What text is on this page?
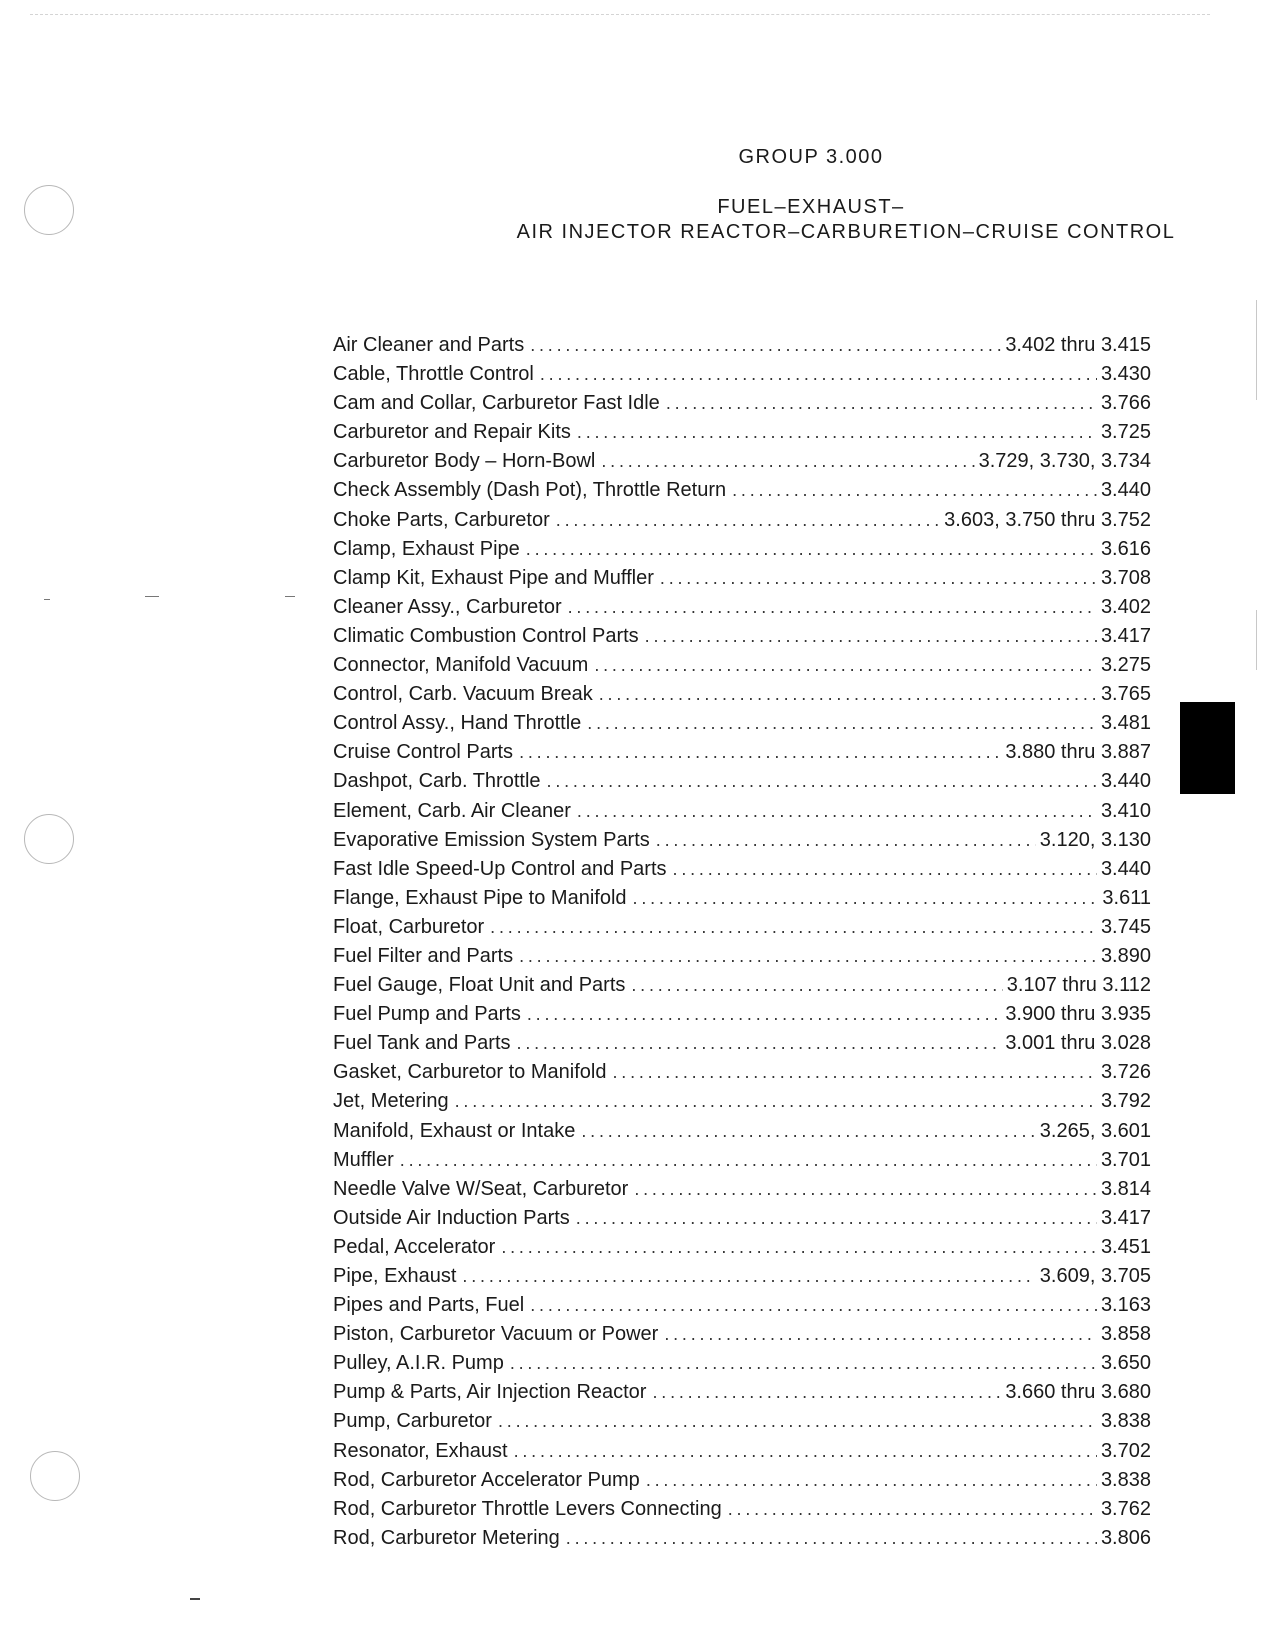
GROUP 3.000
FUEL–EXHAUST–
AIR INJECTOR REACTOR–CARBURETION–CRUISE CONTROL
Air Cleaner and Parts . . .	3.402 thru 3.415
Cable, Throttle Control . . .	3.430
Cam and Collar, Carburetor Fast Idle . . .	3.766
Carburetor and Repair Kits . . .	3.725
Carburetor Body – Horn-Bowl . . .	3.729, 3.730, 3.734
Check Assembly (Dash Pot), Throttle Return . . .	3.440
Choke Parts, Carburetor . . .	3.603, 3.750 thru 3.752
Clamp, Exhaust Pipe . . .	3.616
Clamp Kit, Exhaust Pipe and Muffler . . .	3.708
Cleaner Assy., Carburetor . . .	3.402
Climatic Combustion Control Parts . . .	3.417
Connector, Manifold Vacuum . . .	3.275
Control, Carb. Vacuum Break . . .	3.765
Control Assy., Hand Throttle . . .	3.481
Cruise Control Parts . . .	3.880 thru 3.887
Dashpot, Carb. Throttle . . .	3.440
Element, Carb. Air Cleaner . . .	3.410
Evaporative Emission System Parts . . .	3.120, 3.130
Fast Idle Speed-Up Control and Parts . . .	3.440
Flange, Exhaust Pipe to Manifold . . .	3.611
Float, Carburetor . . .	3.745
Fuel Filter and Parts . . .	3.890
Fuel Gauge, Float Unit and Parts . . .	3.107 thru 3.112
Fuel Pump and Parts . . .	3.900 thru 3.935
Fuel Tank and Parts . . .	3.001 thru 3.028
Gasket, Carburetor to Manifold . . .	3.726
Jet, Metering . . .	3.792
Manifold, Exhaust or Intake . . .	3.265, 3.601
Muffler . . .	3.701
Needle Valve W/Seat, Carburetor . . .	3.814
Outside Air Induction Parts . . .	3.417
Pedal, Accelerator . . .	3.451
Pipe, Exhaust . . .	3.609, 3.705
Pipes and Parts, Fuel . . .	3.163
Piston, Carburetor Vacuum or Power . . .	3.858
Pulley, A.I.R. Pump . . .	3.650
Pump & Parts, Air Injection Reactor . . .	3.660 thru 3.680
Pump, Carburetor . . .	3.838
Resonator, Exhaust . . .	3.702
Rod, Carburetor Accelerator Pump . . .	3.838
Rod, Carburetor Throttle Levers Connecting . . .	3.762
Rod, Carburetor Metering . . .	3.806
